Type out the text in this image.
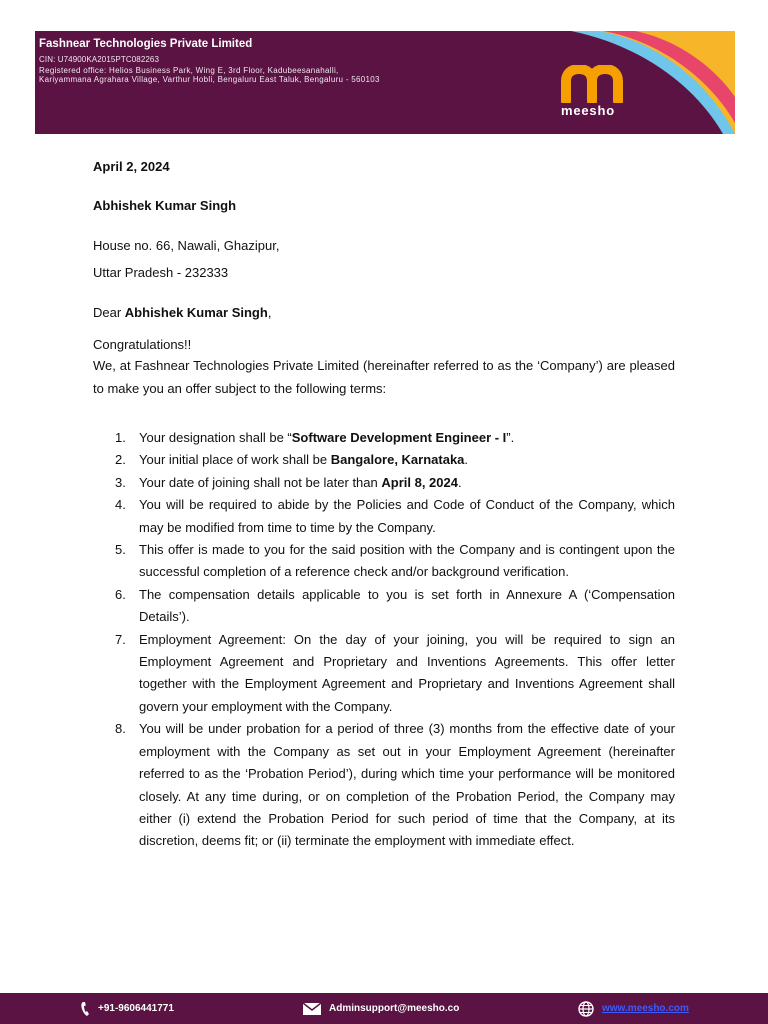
Fashnear Technologies Private Limited
CIN: U74900KA2015PTC082263
Registered office: Helios Business Park, Wing E, 3rd Floor, Kadubeesanahalli, Kariyammana Agrahara Village, Varthur Hobli, Bengaluru East Taluk, Bengaluru - 560103
meesho
April 2, 2024
Abhishek Kumar Singh
House no. 66, Nawali, Ghazipur,
Uttar Pradesh - 232333
Dear Abhishek Kumar Singh,
Congratulations!!
We, at Fashnear Technologies Private Limited (hereinafter referred to as the ‘Company’) are pleased to make you an offer subject to the following terms:
1. Your designation shall be “Software Development Engineer - I”.
2. Your initial place of work shall be Bangalore, Karnataka.
3. Your date of joining shall not be later than April 8, 2024.
4. You will be required to abide by the Policies and Code of Conduct of the Company, which may be modified from time to time by the Company.
5. This offer is made to you for the said position with the Company and is contingent upon the successful completion of a reference check and/or background verification.
6. The compensation details applicable to you is set forth in Annexure A (‘Compensation Details’).
7. Employment Agreement: On the day of your joining, you will be required to sign an Employment Agreement and Proprietary and Inventions Agreements. This offer letter together with the Employment Agreement and Proprietary and Inventions Agreement shall govern your employment with the Company.
8. You will be under probation for a period of three (3) months from the effective date of your employment with the Company as set out in your Employment Agreement (hereinafter referred to as the ‘Probation Period’), during which time your performance will be monitored closely. At any time during, or on completion of the Probation Period, the Company may either (i) extend the Probation Period for such period of time that the Company, at its discretion, deems fit; or (ii) terminate the employment with immediate effect.
+91-9606441771	Adminsupport@meesho.co	www.meesho.com
